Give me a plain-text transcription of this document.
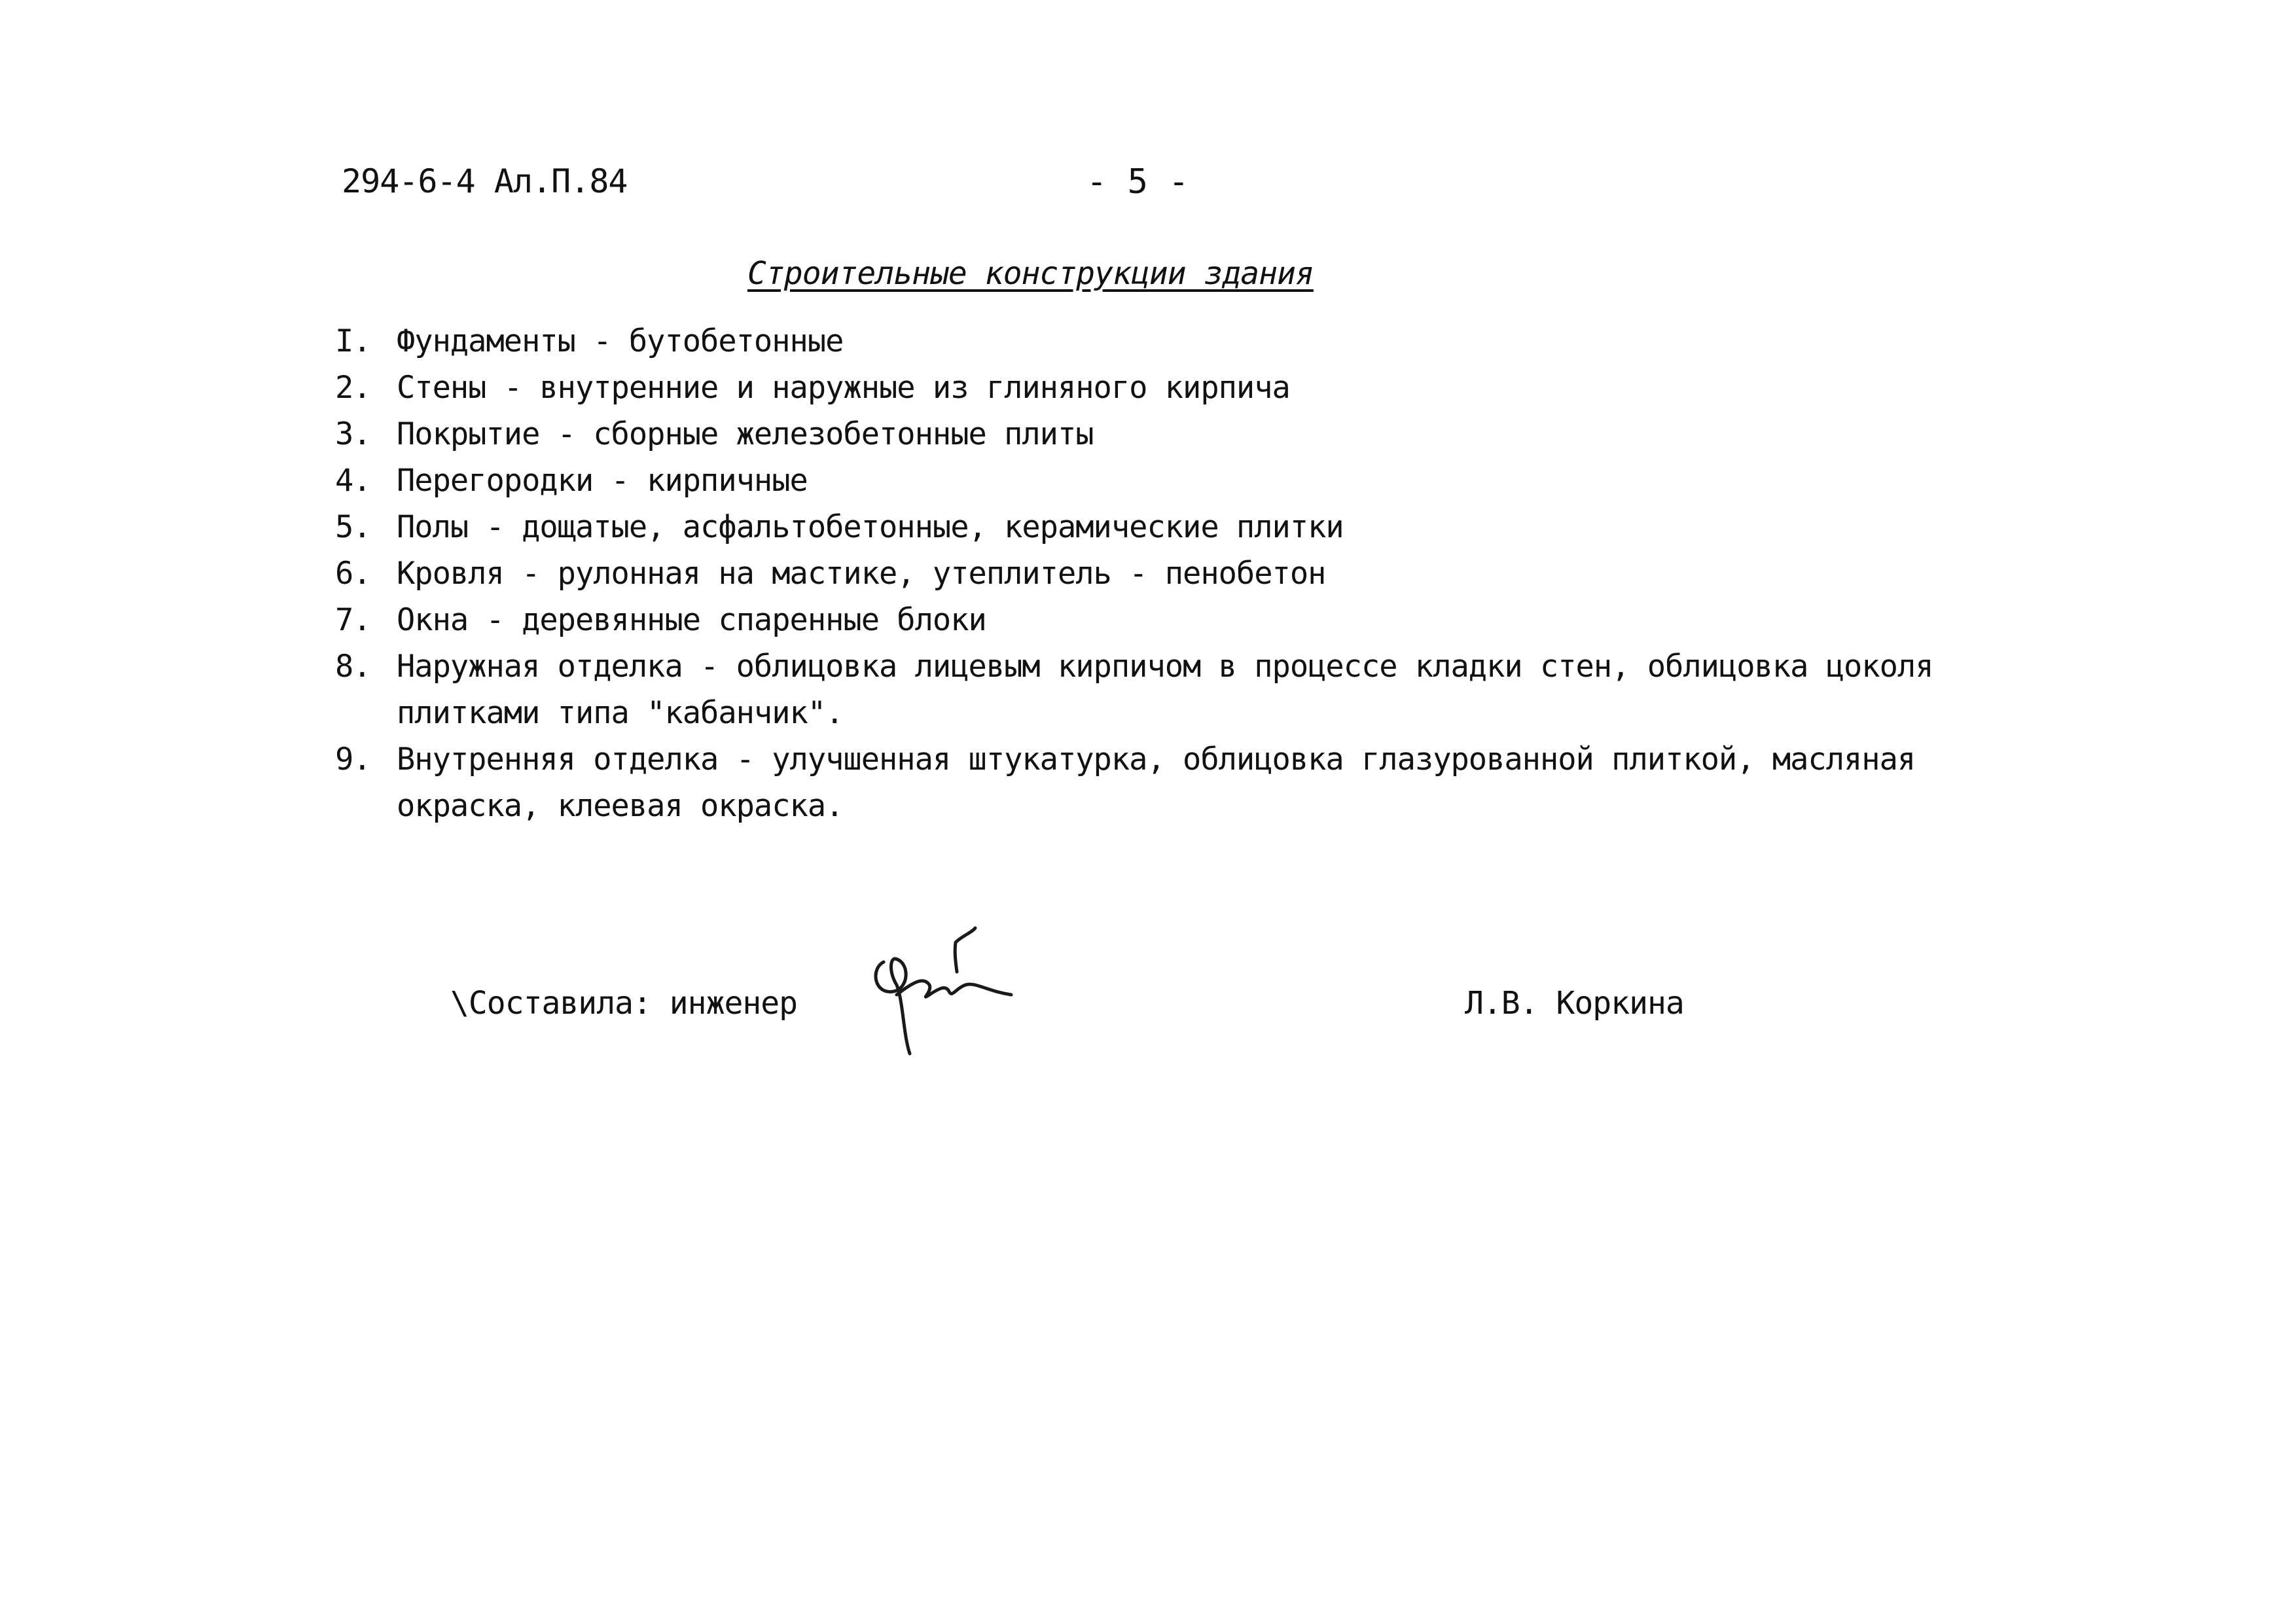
294-6-4 Ал.П.84	- 5 -
Строительные конструкции здания
I. Фундаменты - бутобетонные
2. Стены - внутренние и наружные из глиняного кирпича
3. Покрытие - сборные железобетонные плиты
4. Перегородки - кирпичные
5. Полы - дощатые, асфальтобетонные, керамические плитки
6. Кровля - рулонная на мастике, утеплитель - пенобетон
7. Окна - деревянные спаренные блоки
8. Наружная отделка - облицовка лицевым кирпичом в процессе кладки стен, облицовка цоколя плитками типа "кабанчик".
9. Внутренняя отделка - улучшенная штукатурка, облицовка глазурованной плиткой, масляная окраска, клеевая окраска.
\Составила: инженер	Л.В. Коркина
